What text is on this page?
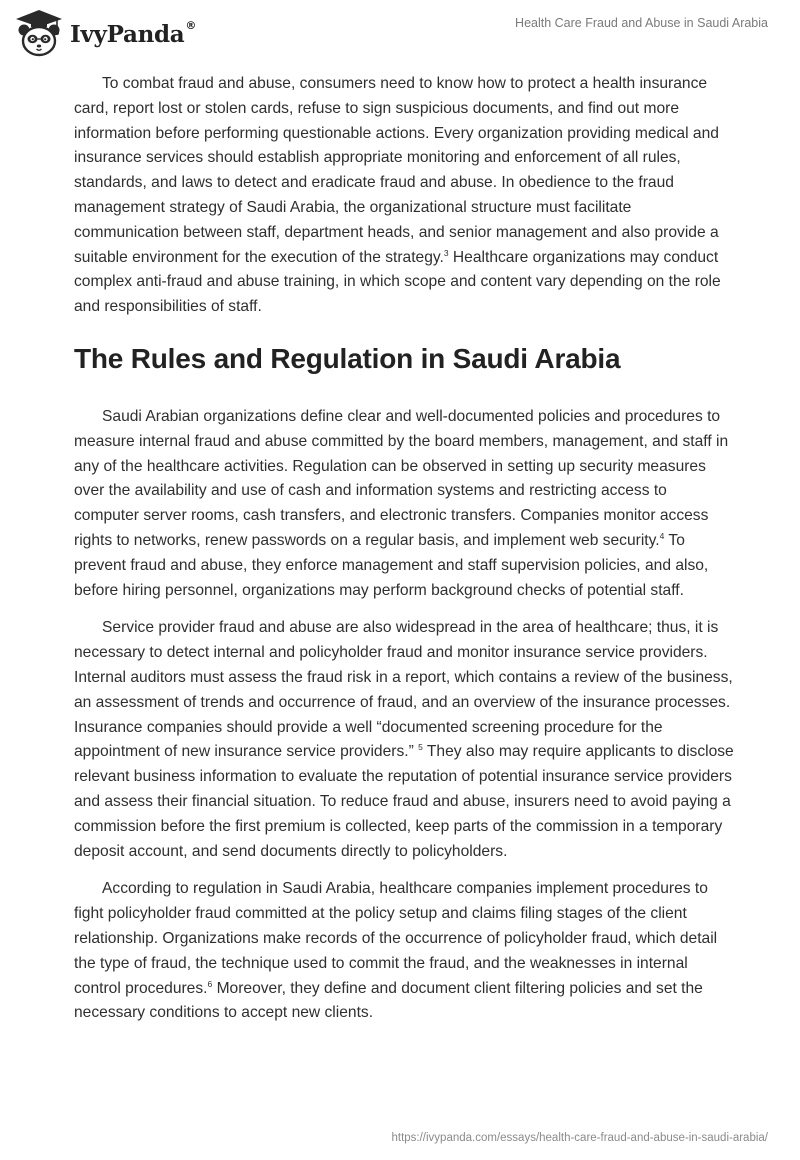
IvyPanda®	Health Care Fraud and Abuse in Saudi Arabia

To combat fraud and abuse, consumers need to know how to protect a health insurance card, report lost or stolen cards, refuse to sign suspicious documents, and find out more information before performing questionable actions. Every organization providing medical and insurance services should establish appropriate monitoring and enforcement of all rules, standards, and laws to detect and eradicate fraud and abuse. In obedience to the fraud management strategy of Saudi Arabia, the organizational structure must facilitate communication between staff, department heads, and senior management and also provide a suitable environment for the execution of the strategy.$^3$ Healthcare organizations may conduct complex anti-fraud and abuse training, in which scope and content vary depending on the role and responsibilities of staff.

The Rules and Regulation in Saudi Arabia

Saudi Arabian organizations define clear and well-documented policies and procedures to measure internal fraud and abuse committed by the board members, management, and staff in any of the healthcare activities. Regulation can be observed in setting up security measures over the availability and use of cash and information systems and restricting access to computer server rooms, cash transfers, and electronic transfers. Companies monitor access rights to networks, renew passwords on a regular basis, and implement web security.$^4$ To prevent fraud and abuse, they enforce management and staff supervision policies, and also, before hiring personnel, organizations may perform background checks of potential staff.

Service provider fraud and abuse are also widespread in the area of healthcare; thus, it is necessary to detect internal and policyholder fraud and monitor insurance service providers. Internal auditors must assess the fraud risk in a report, which contains a review of the business, an assessment of trends and occurrence of fraud, and an overview of the insurance processes. Insurance companies should provide a well “documented screening procedure for the appointment of new insurance service providers.” $^5$ They also may require applicants to disclose relevant business information to evaluate the reputation of potential insurance service providers and assess their financial situation. To reduce fraud and abuse, insurers need to avoid paying a commission before the first premium is collected, keep parts of the commission in a temporary deposit account, and send documents directly to policyholders.

According to regulation in Saudi Arabia, healthcare companies implement procedures to fight policyholder fraud committed at the policy setup and claims filing stages of the client relationship. Organizations make records of the occurrence of policyholder fraud, which detail the type of fraud, the technique used to commit the fraud, and the weaknesses in internal control procedures.$^6$ Moreover, they define and document client filtering policies and set the necessary conditions to accept new clients.

https://ivypanda.com/essays/health-care-fraud-and-abuse-in-saudi-arabia/
